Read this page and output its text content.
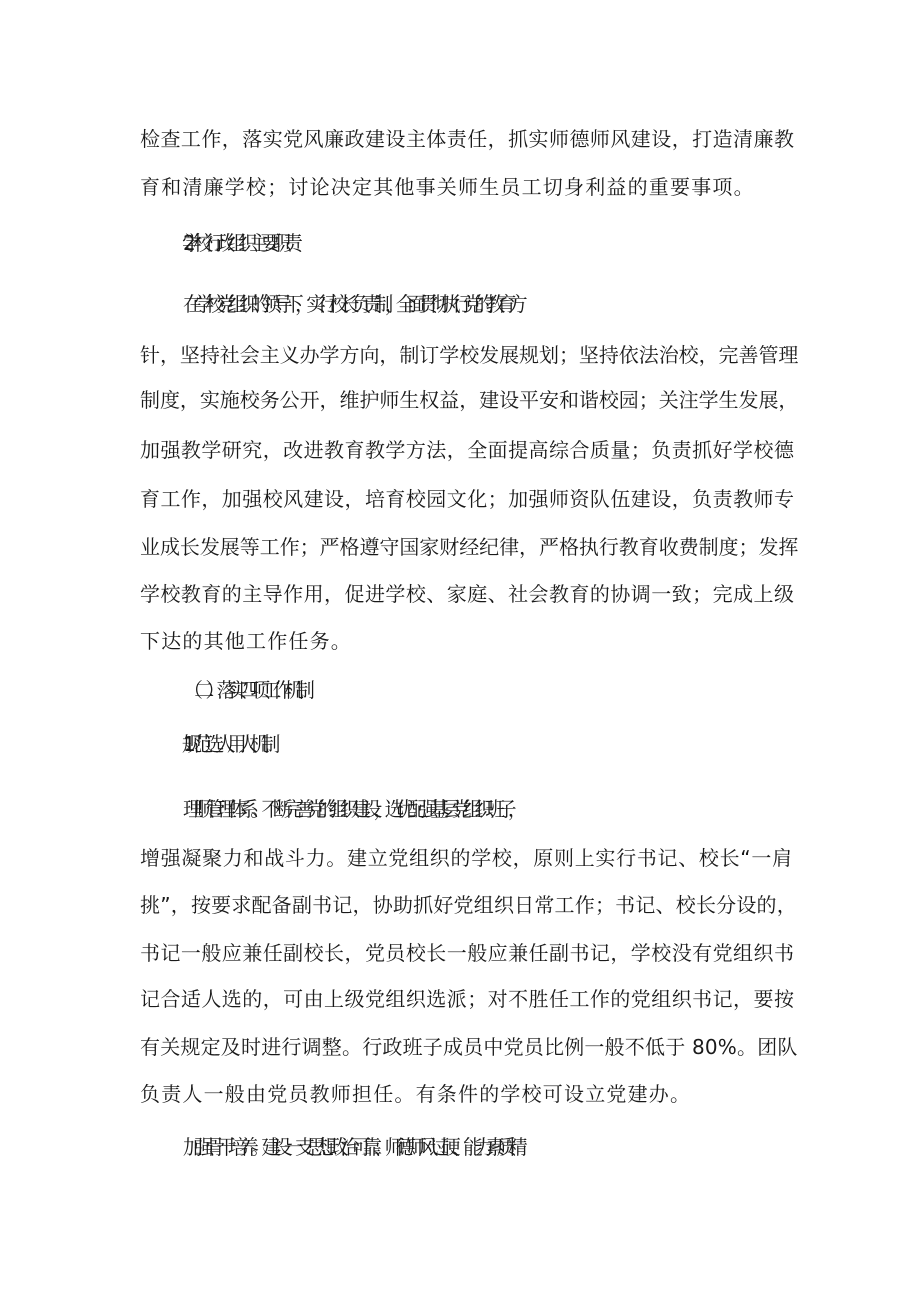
检查工作，落实党风廉政建设主体责任，抓实师德师风建设，打造清廉教
育和清廉学校；讨论决定其他事关师生员工切身利益的重要事项。
2 .学校行政组织主要职责
在学校党组织的领导下，实行校长负责制，全面贯彻执行党的教育方
针，坚持社会主义办学方向，制订学校发展规划；坚持依法治校，完善管理
制度，实施校务公开，维护师生权益，建设平安和谐校园；关注学生发展，
加强教学研究，改进教育教学方法，全面提高综合质量；负责抓好学校德
育工作，加强校风建设，培育校园文化；加强师资队伍建设，负责教师专
业成长发展等工作；严格遵守国家财经纪律，严格执行教育收费制度；发挥
学校教育的主导作用，促进学校、家庭、社会教育的协调一致；完成上级
下达的其他工作任务。
（二）落实四项工作机制
1 .规范选人用人机制
理顺管理体系。不断完善党的组织建设，选优配强基层党组织班子，
增强凝聚力和战斗力。建立党组织的学校，原则上实行书记、校长“一肩
挑”，按要求配备副书记，协助抓好党组织日常工作；书记、校长分设的，
书记一般应兼任副校长，党员校长一般应兼任副书记，学校没有党组织书
记合适人选的，可由上级党组织选派；对不胜任工作的党组织书记，要按
有关规定及时进行调整。行政班子成员中党员比例一般不低于 80%。团队
负责人一般由党员教师担任。有条件的学校可设立党建办。
加强骨干培养。建设一支思想政治可靠、师德师风过硬、能力素质精
